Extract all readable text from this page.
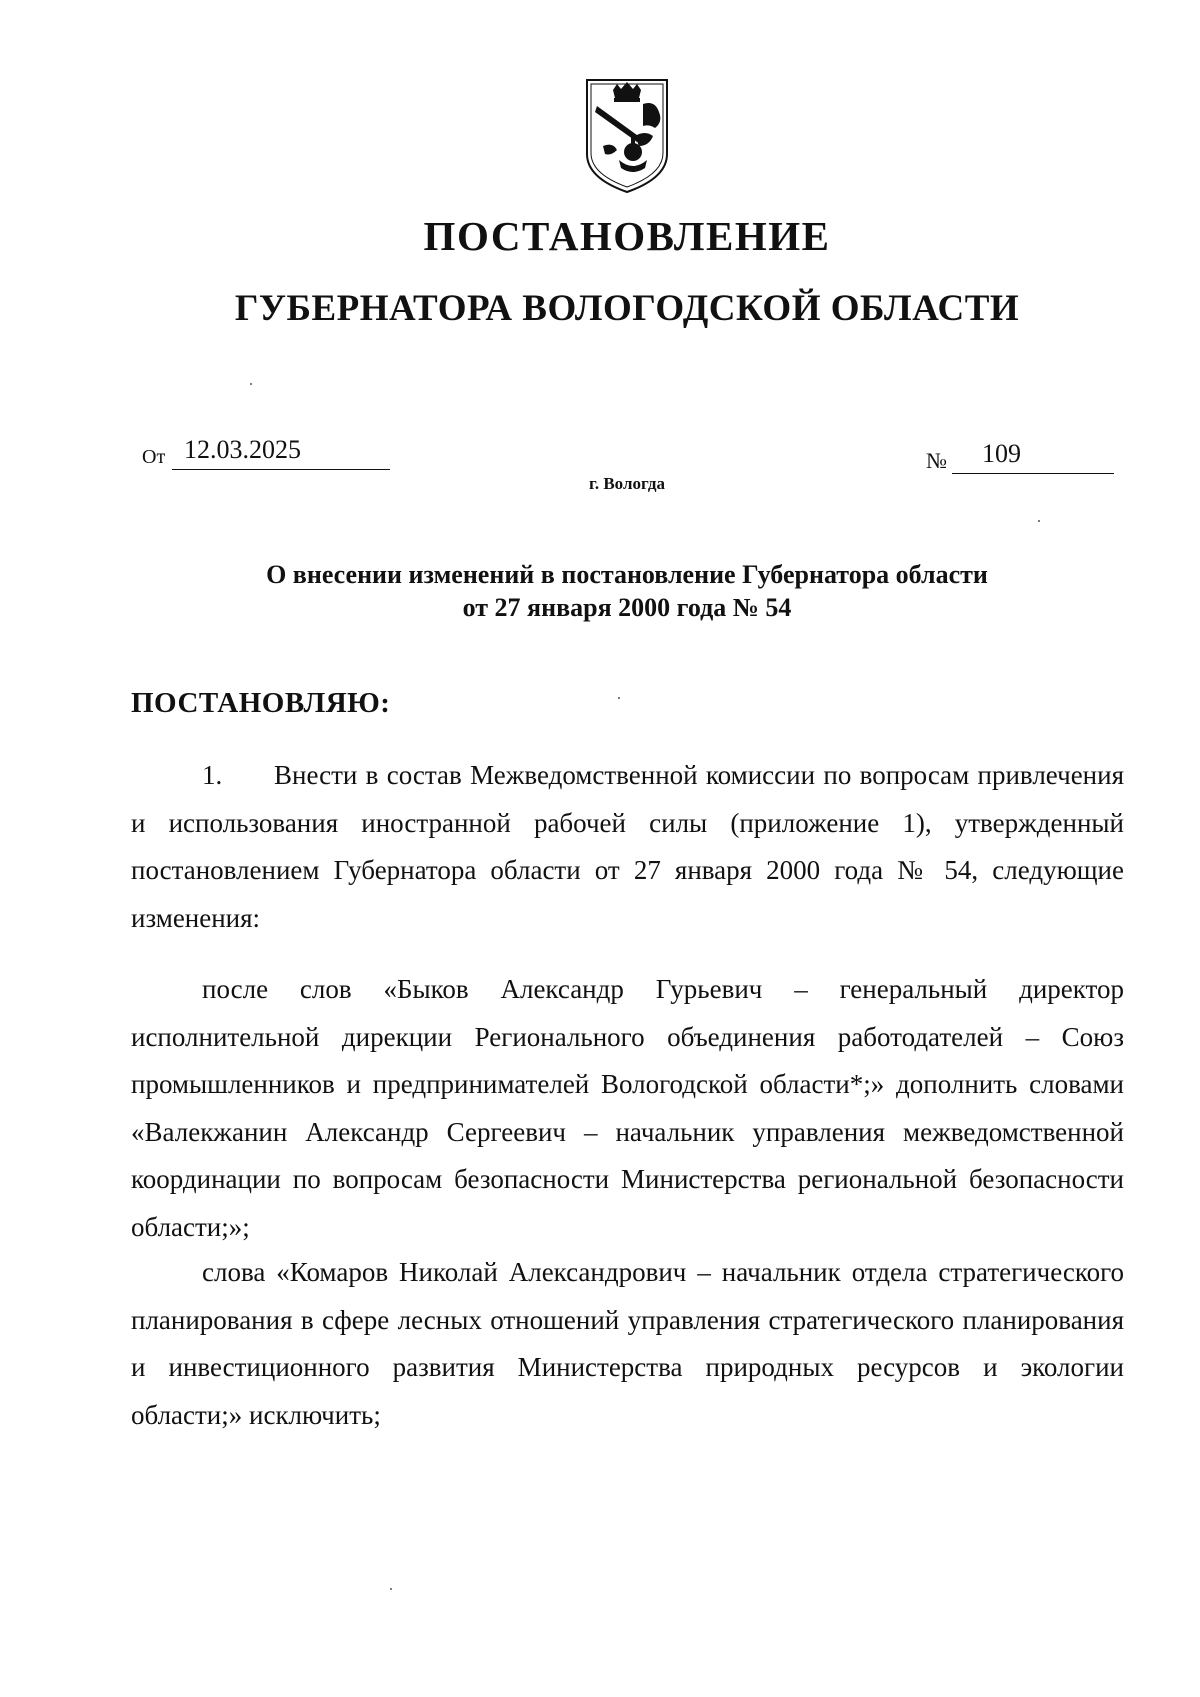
ПОСТАНОВЛЕНИЕ
ГУБЕРНАТОРА ВОЛОГОДСКОЙ ОБЛАСТИ
От 12.03.2025	№	109
г. Вологда
О внесении изменений в постановление Губернатора области
от 27 января 2000 года № 54
ПОСТАНОВЛЯЮ:
1. Внести в состав Межведомственной комиссии по вопросам привлечения и использования иностранной рабочей силы (приложение 1), утвержденный постановлением Губернатора области от 27 января 2000 года № 54, следующие изменения:
после слов «Быков Александр Гурьевич – генеральный директор исполнительной дирекции Регионального объединения работодателей – Союз промышленников и предпринимателей Вологодской области*;» дополнить словами «Валекжанин Александр Сергеевич – начальник управления межведомственной координации по вопросам безопасности Министерства региональной безопасности области;»;
слова «Комаров Николай Александрович – начальник отдела стратегического планирования в сфере лесных отношений управления стратегического планирования и инвестиционного развития Министерства природных ресурсов и экологии области;» исключить;
